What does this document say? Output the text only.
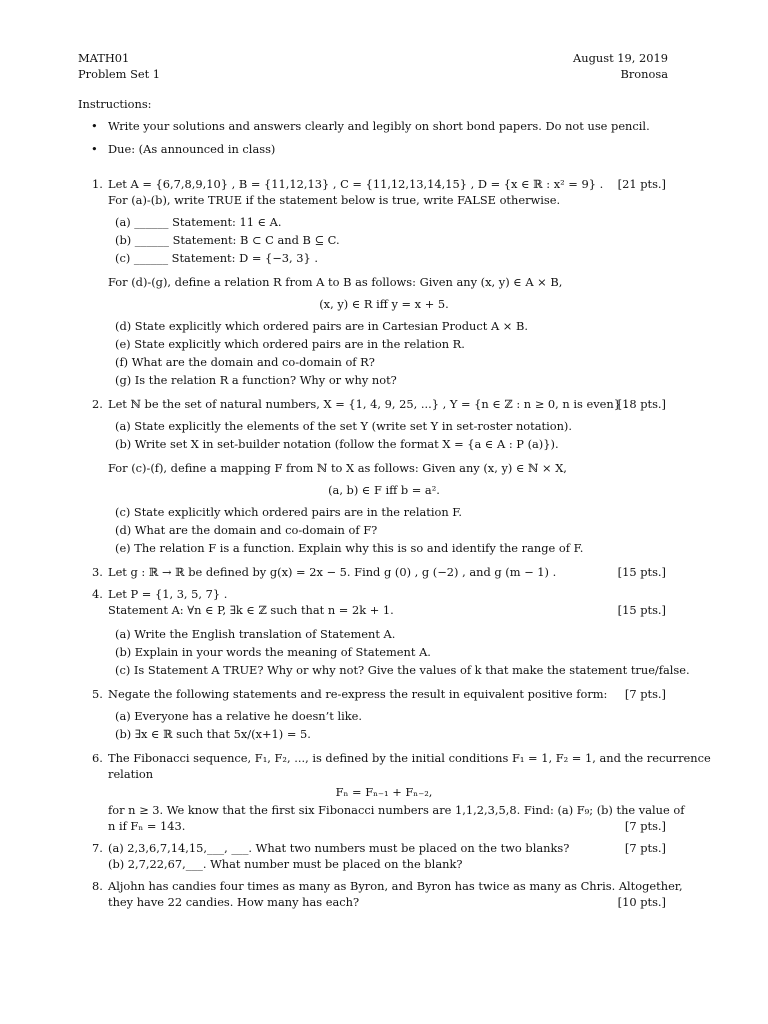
MATH01
Problem Set 1
August 19, 2019
Bronosa
Instructions:
• Write your solutions and answers clearly and legibly on short bond papers. Do not use pencil.
• Due: (As announced in class)
1. Let A = {6,7,8,9,10} , B = {11,12,13} , C = {11,12,13,14,15} , D = {x ∈ ℝ : x² = 9} . [21 pts.]
For (a)-(b), write TRUE if the statement below is true, write FALSE otherwise.
(a) ______ Statement: 11 ∈ A.
(b) ______ Statement: B ⊂ C and B ⊆ C.
(c) ______ Statement: D = {−3, 3} .
For (d)-(g), define a relation R from A to B as follows: Given any (x, y) ∈ A × B,
(x, y) ∈ R iff y = x + 5.
(d) State explicitly which ordered pairs are in Cartesian Product A × B.
(e) State explicitly which ordered pairs are in the relation R.
(f) What are the domain and co-domain of R?
(g) Is the relation R a function? Why or why not?
2. Let ℕ be the set of natural numbers, X = {1, 4, 9, 25, ...} , Y = {n ∈ ℤ : n ≥ 0, n is even} .
[18 pts.]
(a) State explicitly the elements of the set Y (write set Y in set-roster notation).
(b) Write set X in set-builder notation (follow the format X = {a ∈ A : P (a)}).
For (c)-(f), define a mapping F from ℕ to X as follows: Given any (x, y) ∈ ℕ × X,
(a, b) ∈ F iff b = a².
(c) State explicitly which ordered pairs are in the relation F.
(d) What are the domain and co-domain of F?
(e) The relation F is a function. Explain why this is so and identify the range of F.
3. Let g : ℝ → ℝ be defined by g(x) = 2x − 5. Find g (0) , g (−2) , and g (m − 1) .	[15 pts.]
4. Let P = {1, 3, 5, 7} .
Statement A: ∀n ∈ P, ∃k ∈ ℤ such that n = 2k + 1.	[15 pts.]
(a) Write the English translation of Statement A.
(b) Explain in your words the meaning of Statement A.
(c) Is Statement A TRUE? Why or why not? Give the values of k that make the statement true/false.
5. Negate the following statements and re-express the result in equivalent positive form: [7 pts.]
(a) Everyone has a relative he doesn’t like.
(b) ∃x ∈ ℝ such that 5x/(x+1) = 5.
6. The Fibonacci sequence, F₁, F₂, ..., is defined by the initial conditions F₁ = 1, F₂ = 1, and the recurrence
relation
Fₙ = Fₙ₋₁ + Fₙ₋₂,
for n ≥ 3. We know that the first six Fibonacci numbers are 1,1,2,3,5,8. Find: (a) F₉; (b) the value of
n if Fₙ = 143.	[7 pts.]
7. (a) 2,3,6,7,14,15,___, ___. What two numbers must be placed on the two blanks?	[7 pts.]
(b) 2,7,22,67,___. What number must be placed on the blank?
8. Aljohn has candies four times as many as Byron, and Byron has twice as many as Chris. Altogether,
they have 22 candies. How many has each?	[10 pts.]
